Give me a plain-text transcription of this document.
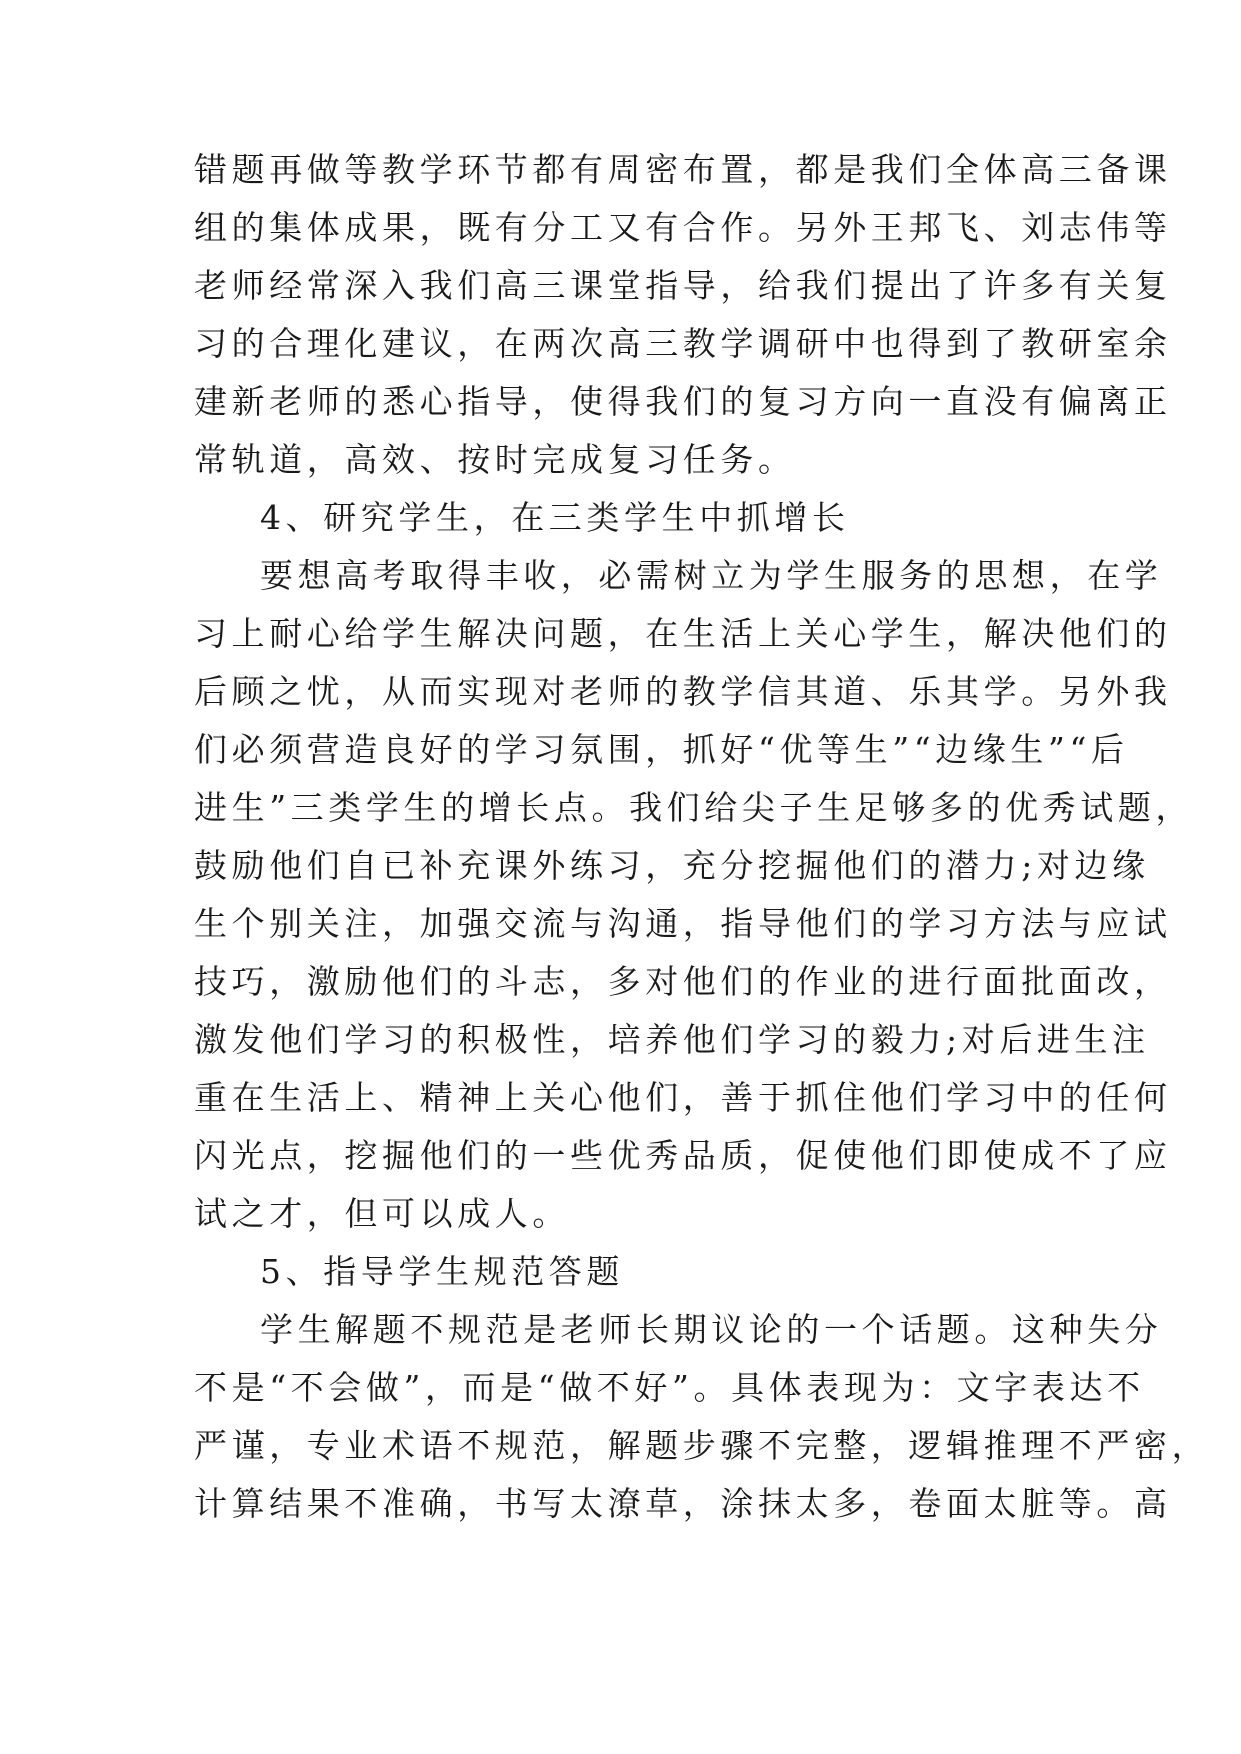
错题再做等教学环节都有周密布置，都是我们全体高三备课
组的集体成果，既有分工又有合作。另外王邦飞、刘志伟等
老师经常深入我们高三课堂指导，给我们提出了许多有关复
习的合理化建议，在两次高三教学调研中也得到了教研室余
建新老师的悉心指导，使得我们的复习方向一直没有偏离正
常轨道，高效、按时完成复习任务。
4、研究学生，在三类学生中抓增长
要想高考取得丰收，必需树立为学生服务的思想，在学
习上耐心给学生解决问题，在生活上关心学生，解决他们的
后顾之忧，从而实现对老师的教学信其道、乐其学。另外我
们必须营造良好的学习氛围，抓好“优等生”“边缘生”“后
进生”三类学生的增长点。我们给尖子生足够多的优秀试题，
鼓励他们自已补充课外练习，充分挖掘他们的潜力;对边缘
生个别关注，加强交流与沟通，指导他们的学习方法与应试
技巧，激励他们的斗志，多对他们的作业的进行面批面改，
激发他们学习的积极性，培养他们学习的毅力;对后进生注
重在生活上、精神上关心他们，善于抓住他们学习中的任何
闪光点，挖掘他们的一些优秀品质，促使他们即使成不了应
试之才，但可以成人。
5、指导学生规范答题
学生解题不规范是老师长期议论的一个话题。这种失分
不是“不会做”，而是“做不好”。具体表现为：文字表达不
严谨，专业术语不规范，解题步骤不完整，逻辑推理不严密，
计算结果不准确，书写太潦草，涂抹太多，卷面太脏等。高
